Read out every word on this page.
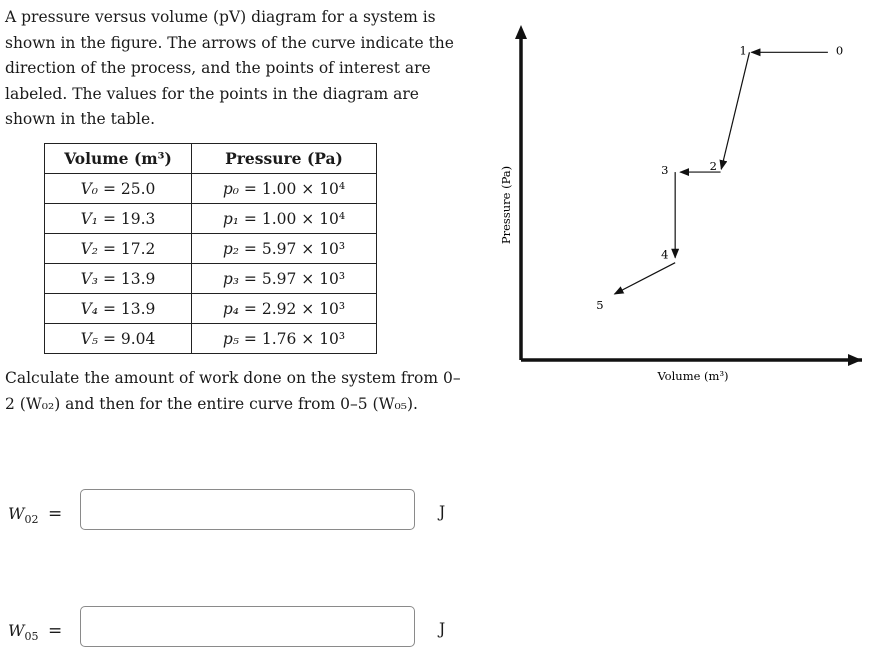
A pressure versus volume (pV) diagram for a system is shown in the figure. The arrows of the curve indicate the direction of the process, and the points of interest are labeled. The values for the points in the diagram are shown in the table.
Volume (m³)	Pressure (Pa)
V₀ = 25.0	p₀ = 1.00 × 10⁴
V₁ = 19.3	p₁ = 1.00 × 10⁴
V₂ = 17.2	p₂ = 5.97 × 10³
V₃ = 13.9	p₃ = 5.97 × 10³
V₄ = 13.9	p₄ = 2.92 × 10³
V₅ = 9.04	p₅ = 1.76 × 10³
Calculate the amount of work done on the system from 0–2 (W₀₂) and then for the entire curve from 0–5 (W₀₅).
$W_{02}$ =	J
$W_{05}$ =	J
Volume (m³)
Pressure (Pa)
0
1
2
3
4
5
